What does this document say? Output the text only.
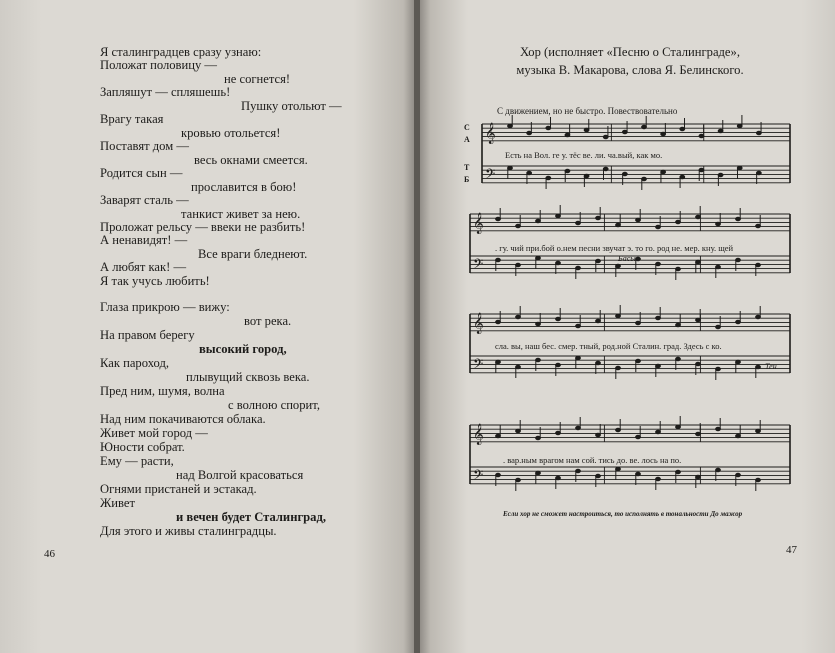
Я сталинградцев сразу узнаю:
Положат половицу —
не согнется!
Запляшут — спляшешь!
Пушку отольют —
Врагу такая
кровью отольется!
Поставят дом —
весь окнами смеется.
Родится сын —
прославится в бою!
Заварят сталь —
танкист живет за нею.
Проложат рельсу — ввеки не разбить!
А ненавидят! —
Все враги бледнеют.
А любят как! —
Я так учусь любить!
Глаза прикрою — вижу:
вот река.
На правом берегу
высокий город,
Как пароход,
плывущий сквозь века.
Пред ним, шумя, волна
с волною спорит,
Над ним покачиваются облака.
Живет мой город —
Юности собрат.
Ему — расти,
над Волгой красоваться
Огнями пристаней и эстакад.
Живет
и вечен будет Сталинград,
Для этого и живы сталинградцы.
46
Хор (исполняет «Песню о Сталинграде»,
музыка В. Макарова, слова Я. Белинского.
С движением, но не быстро. Повествовательно
𝄞
𝄢
𝄞
𝄢
𝄞
𝄢
𝄞
𝄢
С
А
Т
Б
Есть на Вол. ге у. тёс ве. ли. ча.вый, как мо.
. гу. чий при.бой о.нем песни звучат э. то го. род не. мер. кну. щей
сла. вы, наш бес. смер. тный, род.ной Сталин. град. Здесь с ко.
. вар.ным врагом нам сой. тись до. ве. лось на по.
Басы
Тен
Если хор не сможет настроиться, то исполнять в тональности До мажор
47
